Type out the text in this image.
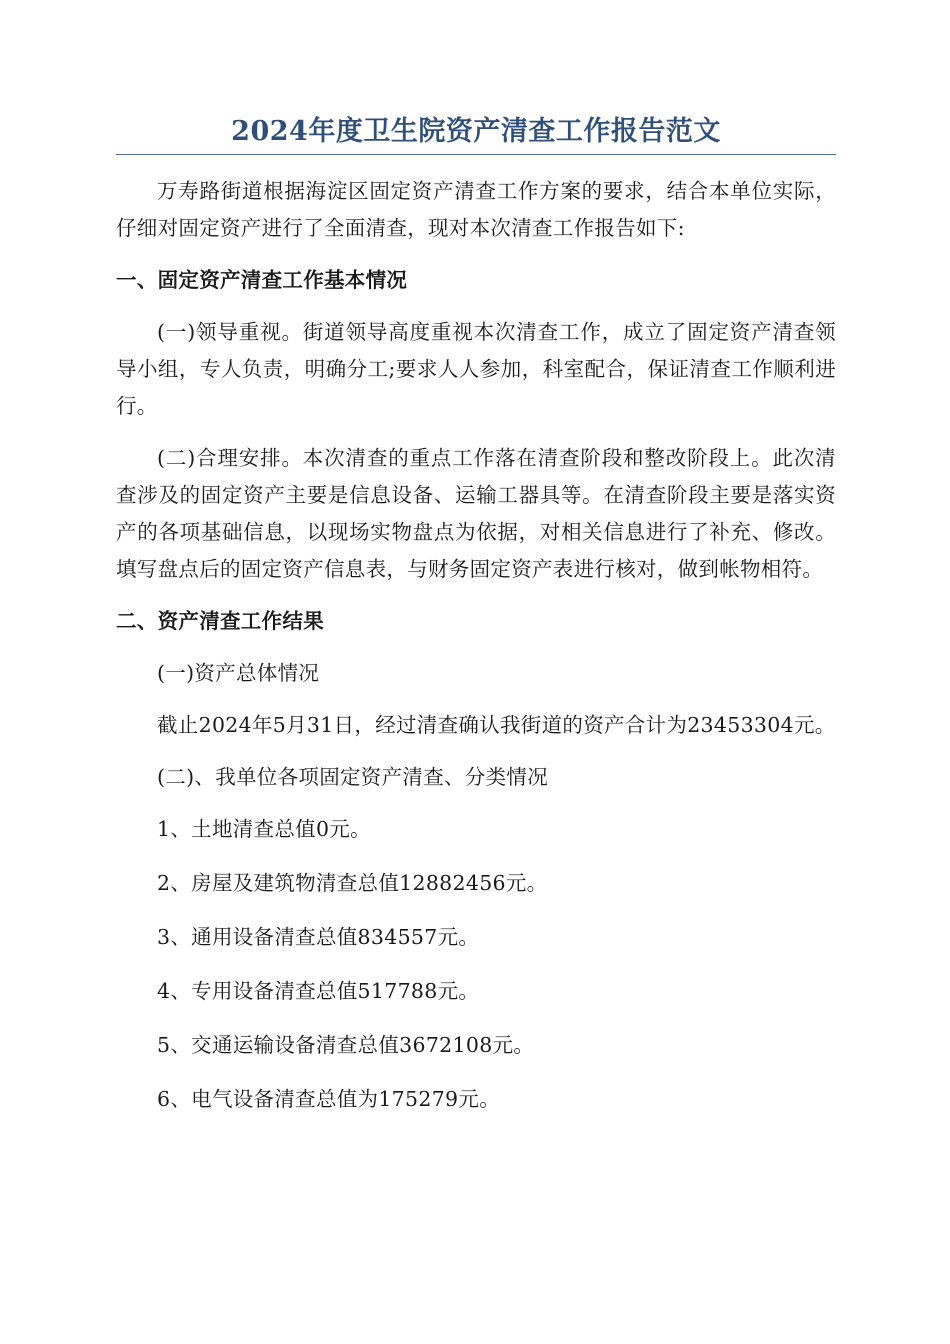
2024年度卫生院资产清查工作报告范文

万寿路街道根据海淀区固定资产清查工作方案的要求，结合本单位实际，仔细对固定资产进行了全面清查，现对本次清查工作报告如下:

一、固定资产清查工作基本情况

(一)领导重视。街道领导高度重视本次清查工作，成立了固定资产清查领导小组，专人负责，明确分工;要求人人参加，科室配合，保证清查工作顺利进行。

(二)合理安排。本次清查的重点工作落在清查阶段和整改阶段上。此次清查涉及的固定资产主要是信息设备、运输工器具等。在清查阶段主要是落实资产的各项基础信息，以现场实物盘点为依据，对相关信息进行了补充、修改。填写盘点后的固定资产信息表，与财务固定资产表进行核对，做到帐物相符。

二、资产清查工作结果

(一)资产总体情况

截止2024年5月31日，经过清查确认我街道的资产合计为23453304元。

(二)、我单位各项固定资产清查、分类情况

1、土地清查总值0元。

2、房屋及建筑物清查总值12882456元。

3、通用设备清查总值834557元。

4、专用设备清查总值517788元。

5、交通运输设备清查总值3672108元。

6、电气设备清查总值为175279元。
